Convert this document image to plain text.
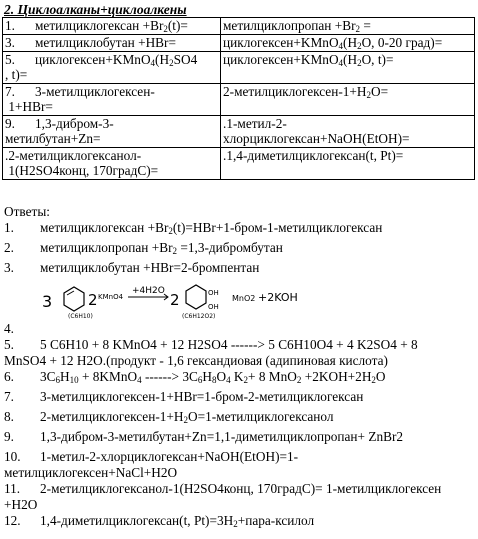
2. Циклоалканы+циклоалкены
1. метилциклогексан $+Br_2(t)=$	метилциклопропан $+Br_2$ =
3. метилциклобутан +HBr=	$циклогексен+KMnO_4(H_2O$, 0-20 град)=
5. $циклогексен+KMnO_4(H_2SO4$
, t)=	$циклогексен+KMnO_4(H_2O$, t)=
7. 3-метилциклогексен-
1+HBr=	$2-метилциклогексен-1+H_2O=$
9. 1,3-дибром-3-
метилбутан+Zn=	.1-метил-2-
хлорциклогексан+NaOH(EtOH)=
.2-метилциклогексанол-
1(H2SO4конц, 170градС)=	.1,4-диметилциклогексан(t, Pt)=
Ответы:
1. метилциклогексан $+Br_2(t)=HBr+1-бром-1$-метилциклогексан
2. метилциклопропан $+Br_2$ =1,3-дибромбутан
3. метилциклобутан +HBr=2-бромпентан
3 2 KMnO4
+4H2O 2	OH
OH
MnO2 +2KOH
(C6H10)	(C6H12O2)
4.
5. 5 C6H10 + 8 KMnO4 + 12 H2SO4 ------> 5 C6H10O4 + 4 K2SO4 + 8
MnSO4 + 12 H2O.(продукт - 1,6 гександиовая (адипиновая кислота)
6. $3C_6H_{10}$ + 8KMnO$_4$ ------> $3C_6H_8O_4$ $K_2+ 8$ $MnO_2 +2KOH+2H_2O$
7. 3-метилциклогексен-1+HBr=1-бром-2-метилциклогексан
8. $2-метилциклогексен-1+H_2O=1$-метилциклогексанол
9. 1,3-дибром-3-метилбутан+Zn=1,1-диметилциклопропан+ ZnBr2
10. 1-метил-2-хлорциклогексан+NaOH(EtOH)=1-
метилциклогексен+NaCl+H2O
11. 2-метилциклогексанол-1(H2SO4конц, 170градС)= 1-метилциклогексен
+H2O
12. 1,4-диметилциклогексан(t, $Pt)=3H_2+пара$-ксилол
